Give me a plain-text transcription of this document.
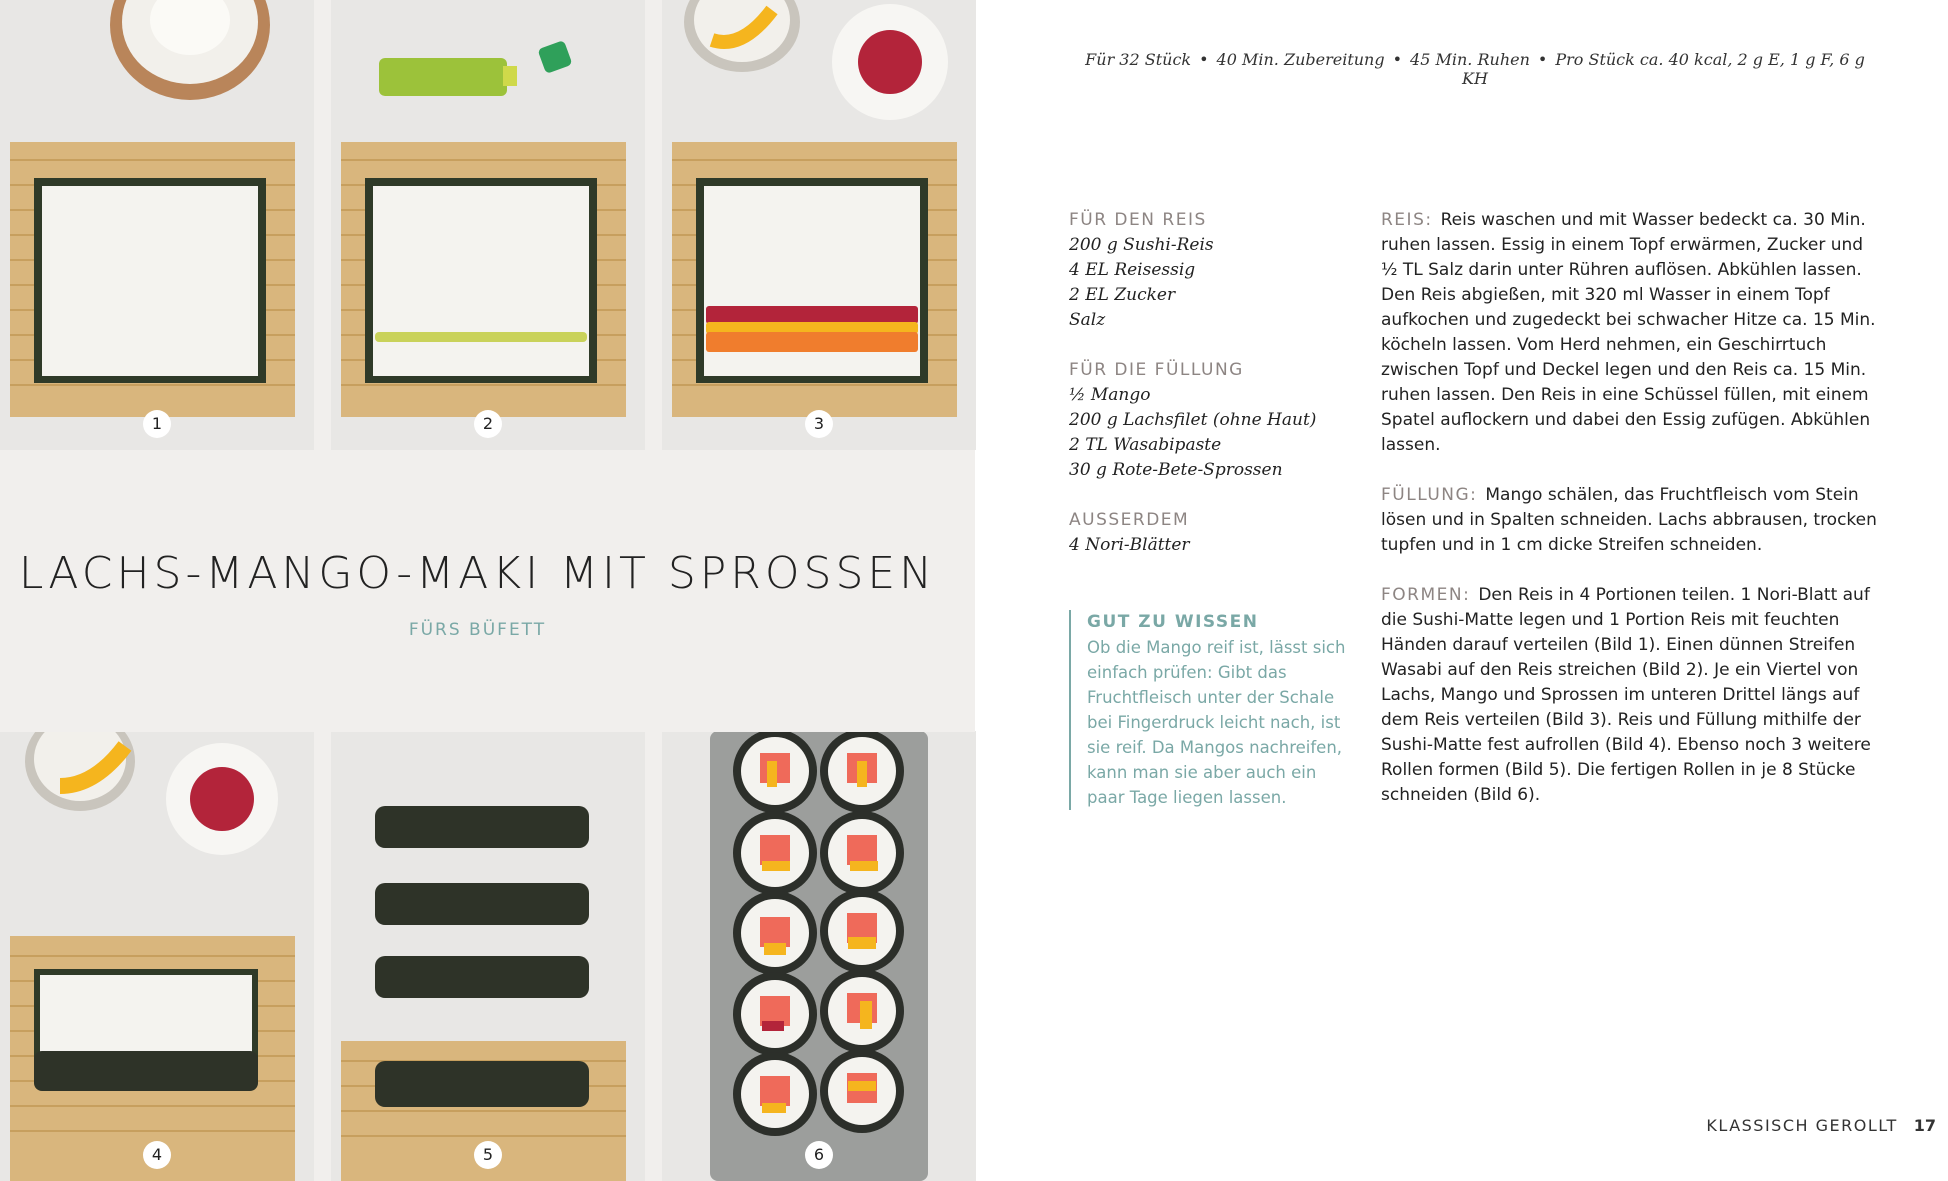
1	2	3
4	5	6
LACHS-MANGO-MAKI MIT SPROSSEN
FÜRS BÜFETT
Für 32 Stück • 40 Min. Zubereitung • 45 Min. Ruhen • Pro Stück ca. 40 kcal, 2 g E, 1 g F, 6 g KH
FÜR DEN REIS
200 g Sushi-Reis
4 EL Reisessig
2 EL Zucker
Salz
FÜR DIE FÜLLUNG
½ Mango
200 g Lachsfilet (ohne Haut)
2 TL Wasabipaste
30 g Rote-Bete-Sprossen
AUSSERDEM
4 Nori-Blätter
GUT ZU WISSEN
Ob die Mango reif ist, lässt sich einfach prüfen: Gibt das Fruchtfleisch unter der Schale bei Fingerdruck leicht nach, ist sie reif. Da Mangos nachreifen, kann man sie aber auch ein paar Tage liegen lassen.

REIS: Reis waschen und mit Wasser bedeckt ca. 30 Min. ruhen lassen. Essig in einem Topf erwärmen, Zucker und ½ TL Salz darin unter Rühren auflösen. Abkühlen lassen. Den Reis abgießen, mit 320 ml Wasser in einem Topf aufkochen und zugedeckt bei schwacher Hitze ca. 15 Min. köcheln lassen. Vom Herd nehmen, ein Geschirrtuch zwischen Topf und Deckel legen und den Reis ca. 15 Min. ruhen lassen. Den Reis in eine Schüssel füllen, mit einem Spatel auflockern und dabei den Essig zufügen. Abkühlen lassen.

FÜLLUNG: Mango schälen, das Fruchtfleisch vom Stein lösen und in Spalten schneiden. Lachs abbrausen, trocken tupfen und in 1 cm dicke Streifen schneiden.

FORMEN: Den Reis in 4 Portionen teilen. 1 Nori-Blatt auf die Sushi-Matte legen und 1 Portion Reis mit feuchten Händen darauf verteilen (Bild 1). Einen dünnen Streifen Wasabi auf den Reis streichen (Bild 2). Je ein Viertel von Lachs, Mango und Sprossen im unteren Drittel längs auf dem Reis verteilen (Bild 3). Reis und Füllung mithilfe der Sushi-Matte fest aufrollen (Bild 4). Ebenso noch 3 weitere Rollen formen (Bild 5). Die fertigen Rollen in je 8 Stücke schneiden (Bild 6).

KLASSISCH GEROLLT 17
